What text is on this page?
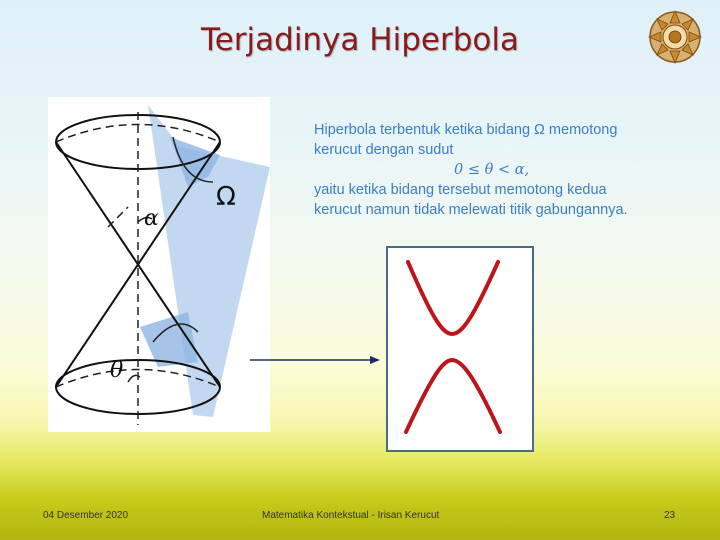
Terjadinya Hiperbola
Ω
α
θ
Hiperbola terbentuk ketika bidang Ω memotong
kerucut dengan sudut
0 ≤ θ < α,
yaitu ketika bidang tersebut memotong kedua
kerucut namun tidak melewati titik gabungannya.
04 Desember 2020	Matematika Kontekstual - Irisan Kerucut	23
